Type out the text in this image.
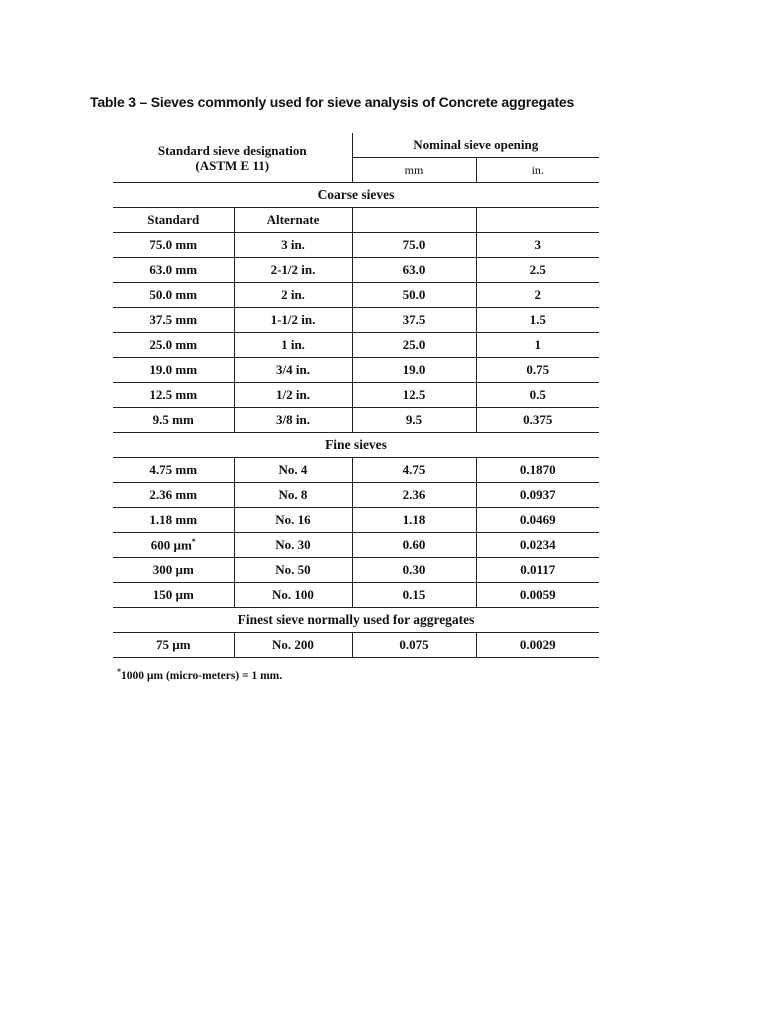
Table 3 – Sieves commonly used for sieve analysis of Concrete aggregates
Standard sieve designation
(ASTM E 11)		Nominal sieve opening	
		mm	in.
Coarse sieves			
Standard	Alternate		
75.0 mm	3 in.	75.0	3
63.0 mm	2-1/2 in.	63.0	2.5
50.0 mm	2 in.	50.0	2
37.5 mm	1-1/2 in.	37.5	1.5
25.0 mm	1 in.	25.0	1
19.0 mm	3/4 in.	19.0	0.75
12.5 mm	1/2 in.	12.5	0.5
9.5 mm	3/8 in.	9.5	0.375
Fine sieves			
4.75 mm	No. 4	4.75	0.1870
2.36 mm	No. 8	2.36	0.0937
1.18 mm	No. 16	1.18	0.0469
600 µm*	No. 30	0.60	0.0234
300 µm	No. 50	0.30	0.0117
150 µm	No. 100	0.15	0.0059
Finest sieve normally used for aggregates			
75 µm	No. 200	0.075	0.0029
*1000 µm (micro-meters) = 1 mm.
